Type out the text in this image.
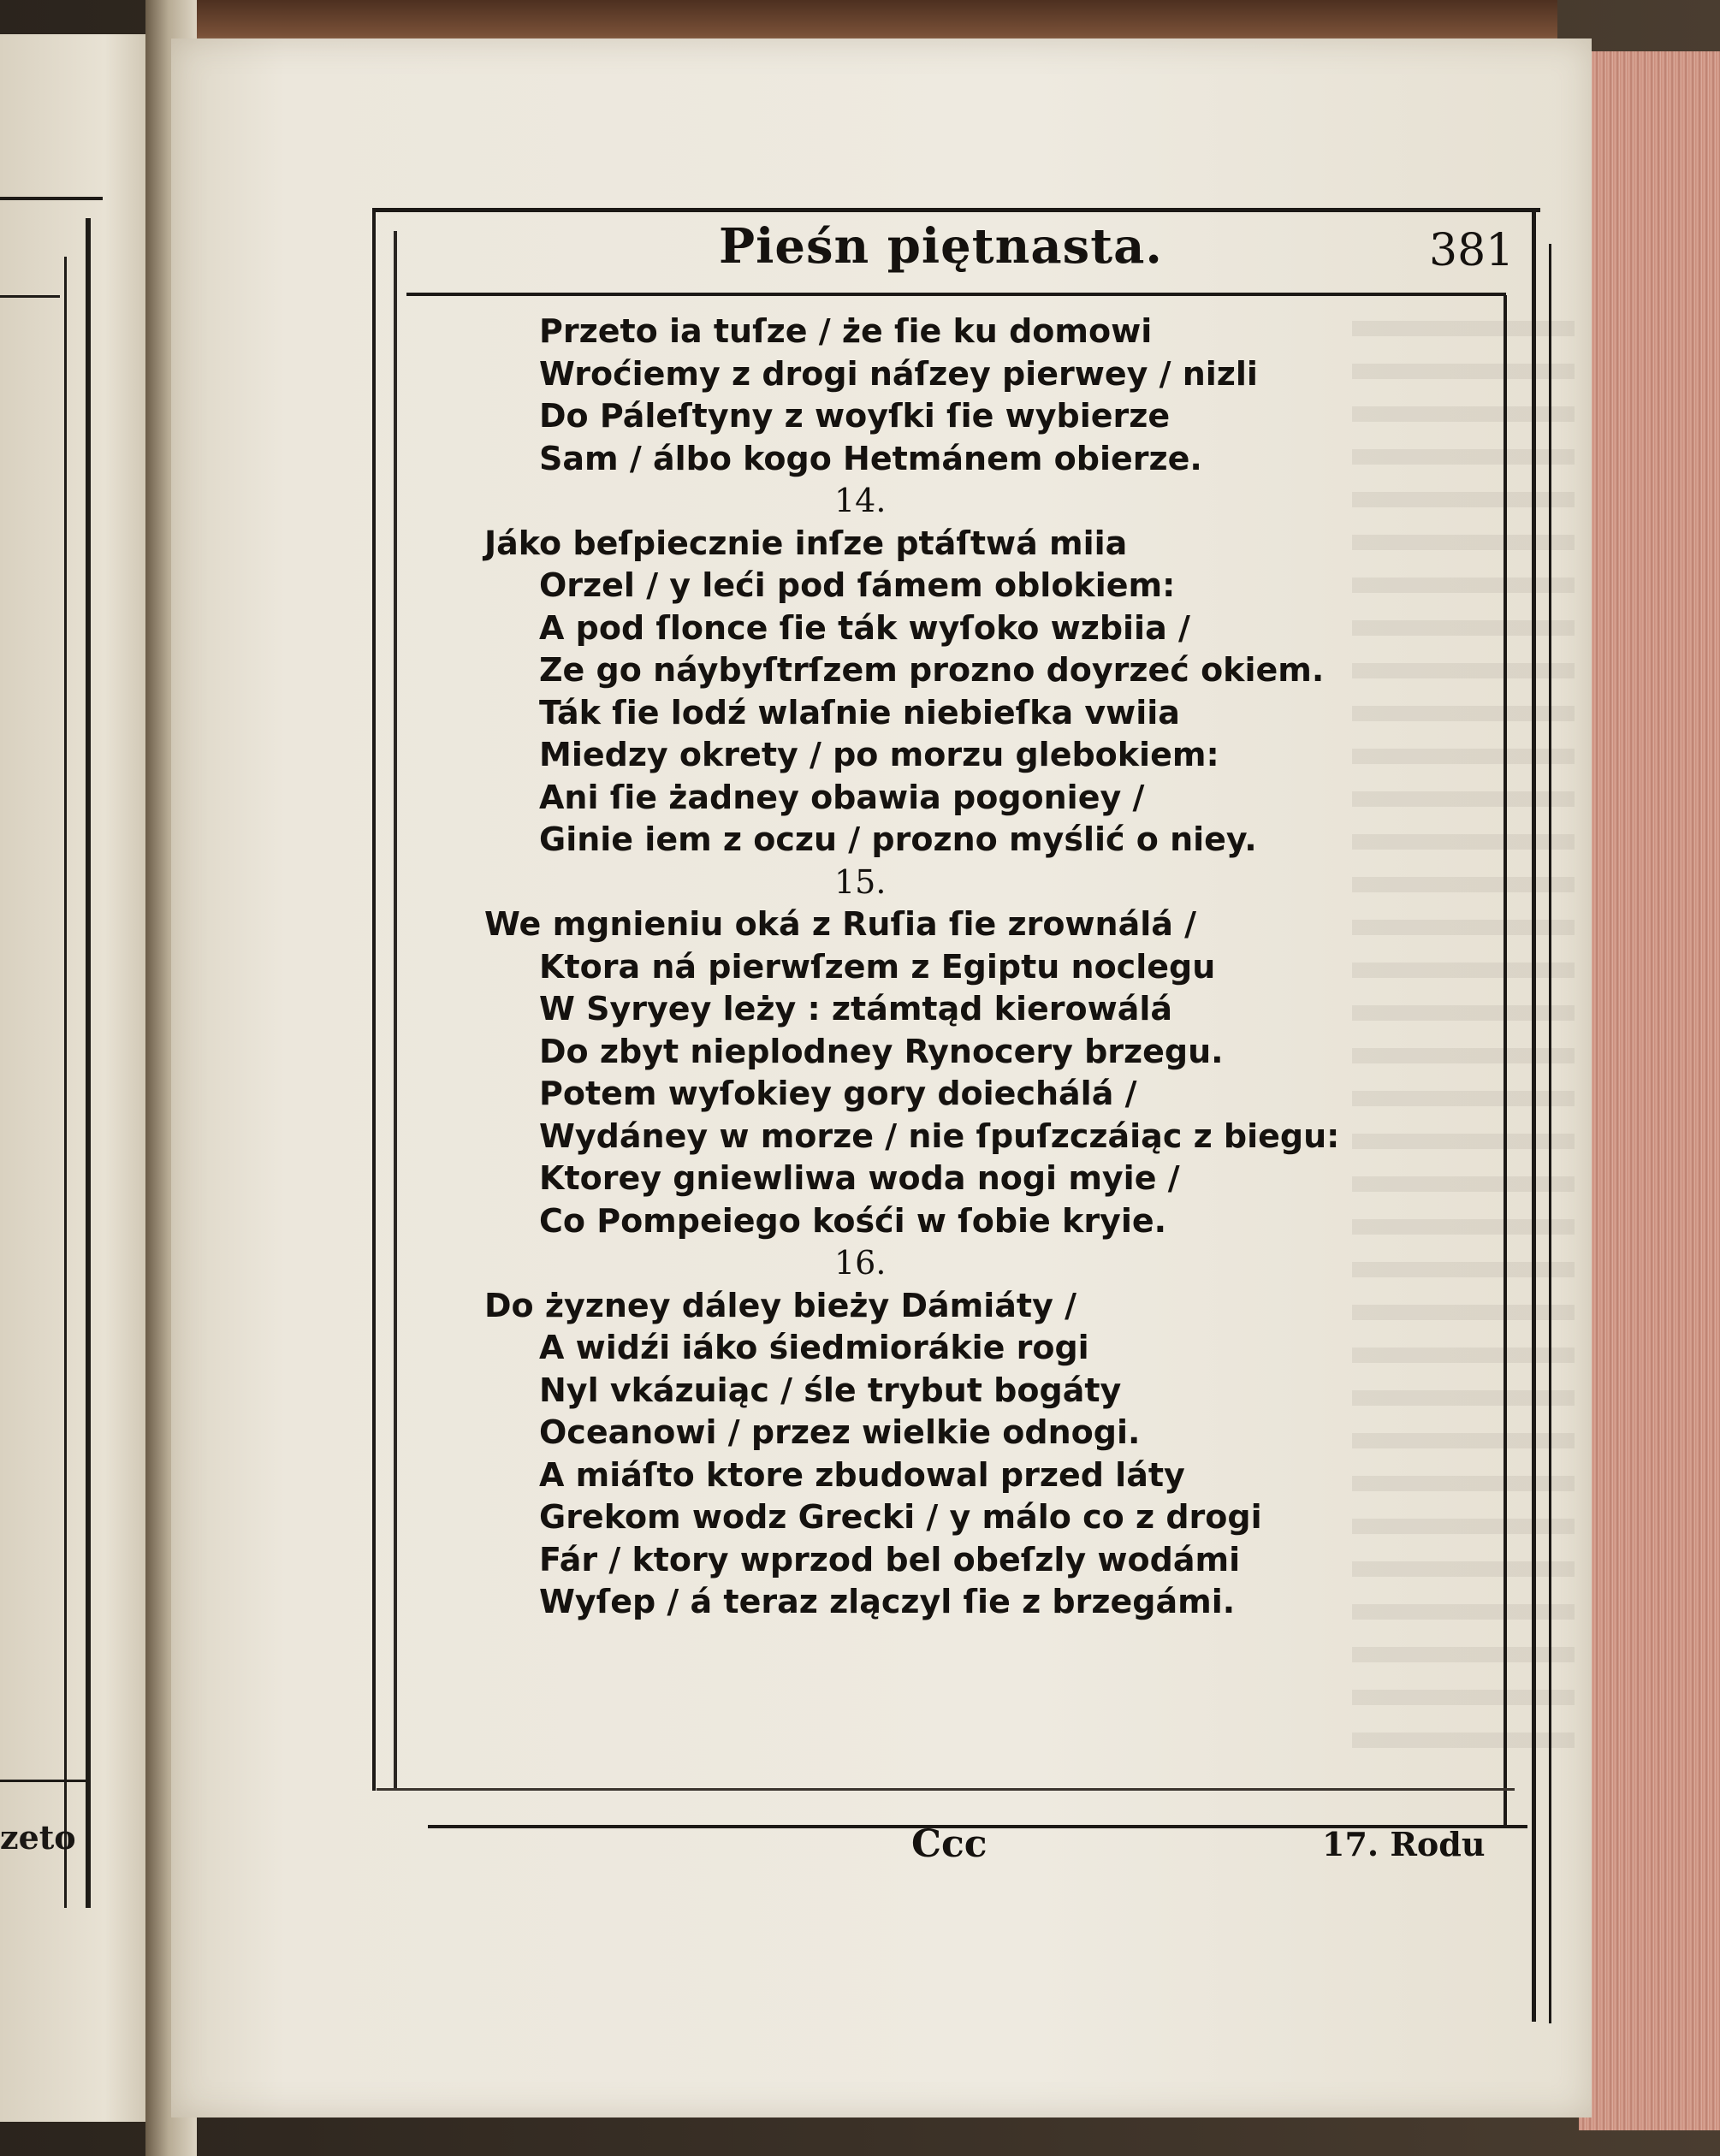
zeto
Pieśn piętnasta.	381
Przeto ia tuſze / że ſie ku domowi
Wroćiemy z drogi náſzey pierwey / nizli
Do Páleſtyny z woyſki ſie wybierze
Sam / álbo kogo Hetmánem obierze.
14.
Jáko beſpiecznie inſze ptáſtwá miia
Orzel / y leći pod ſámem oblokiem:
A pod ſlonce ſie ták wyſoko wzbiia /
Ze go náybyſtrſzem prozno doyrzeć okiem.
Ták ſie lodź wlaſnie niebieſka vwiia
Miedzy okrety / po morzu glebokiem:
Ani ſie żadney obawia pogoniey /
Ginie iem z oczu / prozno myślić o niey.
15.
We mgnieniu oká z Ruſia ſie zrownálá /
Ktora ná pierwſzem z Egiptu noclegu
W Syryey leży : ztámtąd kierowálá
Do zbyt nieplodney Rynocery brzegu.
Potem wyſokiey gory doiechálá /
Wydáney w morze / nie ſpuſzczáiąc z biegu:
Ktorey gniewliwa woda nogi myie /
Co Pompeiego kośći w ſobie kryie.
16.
Do żyzney dáley bieży Dámiáty /
A widźi iáko śiedmiorákie rogi
Nyl vkázuiąc / śle trybut bogáty
Oceanowi / przez wielkie odnogi.
A miáſto ktore zbudowal przed láty
Grekom wodz Grecki / y málo co z drogi
Fár / ktory wprzod bel obeſzly wodámi
Wyſep / á teraz zlączyl ſie z brzegámi.
Ccc	17. Rodu
